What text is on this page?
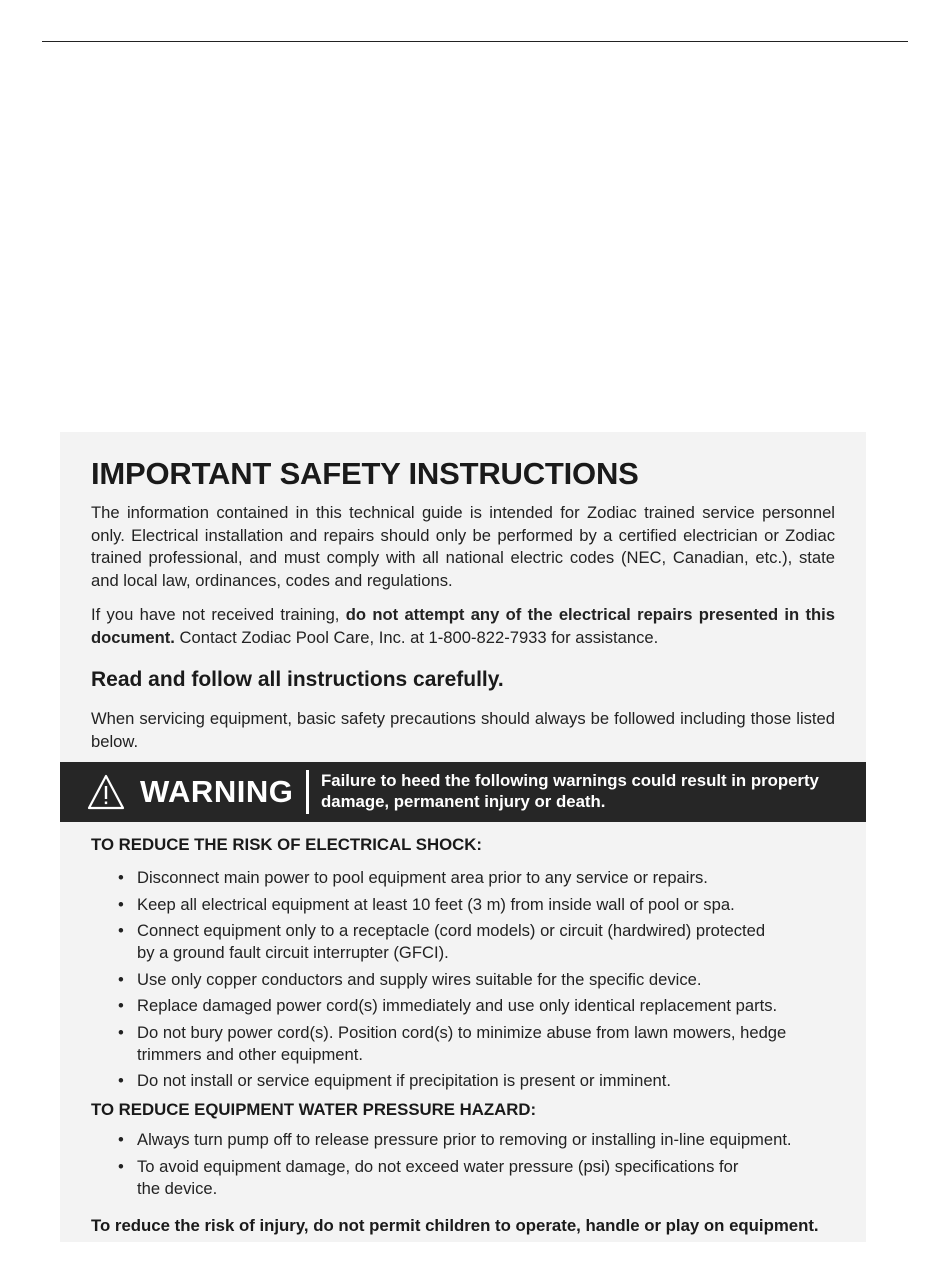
IMPORTANT SAFETY INSTRUCTIONS

The information contained in this technical guide is intended for Zodiac trained service personnel only. Electrical installation and repairs should only be performed by a certified electrician or Zodiac trained professional, and must comply with all national electric codes (NEC, Canadian, etc.), state and local law, ordinances, codes and regulations.

If you have not received training, do not attempt any of the electrical repairs presented in this document. Contact Zodiac Pool Care, Inc. at 1-800-822-7933 for assistance.

Read and follow all instructions carefully.

When servicing equipment, basic safety precautions should always be followed including those listed below.

WARNING	Failure to heed the following warnings could result in property damage, permanent injury or death.
TO REDUCE THE RISK OF ELECTRICAL SHOCK:
• Disconnect main power to pool equipment area prior to any service or repairs.
• Keep all electrical equipment at least 10 feet (3 m) from inside wall of pool or spa.
• Connect equipment only to a receptacle (cord models) or circuit (hardwired) protected by a ground fault circuit interrupter (GFCI).
• Use only copper conductors and supply wires suitable for the specific device.
• Replace damaged power cord(s) immediately and use only identical replacement parts.
• Do not bury power cord(s). Position cord(s) to minimize abuse from lawn mowers, hedge trimmers and other equipment.
• Do not install or service equipment if precipitation is present or imminent.
TO REDUCE EQUIPMENT WATER PRESSURE HAZARD:
• Always turn pump off to release pressure prior to removing or installing in-line equipment.
• To avoid equipment damage, do not exceed water pressure (psi) specifications for the device.

To reduce the risk of injury, do not permit children to operate, handle or play on equipment.
